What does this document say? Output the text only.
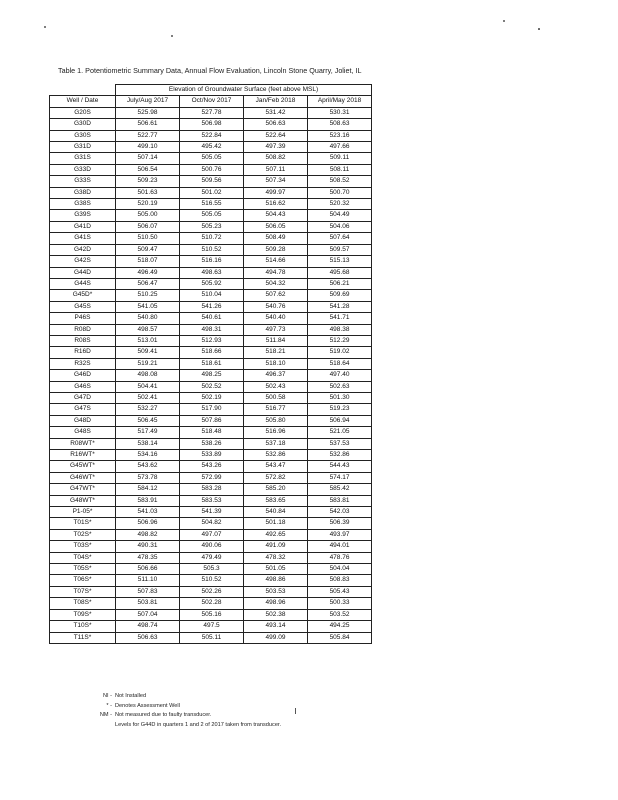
Table 1. Potentiometric Summary Data, Annual Flow Evaluation, Lincoln Stone Quarry, Joliet, IL
	Elevation of Groundwater Surface (feet above MSL)			
Well / Date	July/Aug 2017	Oct/Nov 2017	Jan/Feb 2018	April/May 2018
G20S	525.98	527.78	531.42	530.31
G30D	506.61	506.98	506.63	508.63
G30S	522.77	522.84	522.64	523.16
G31D	499.10	495.42	497.39	497.66
G31S	507.14	505.05	508.82	509.11
G33D	506.54	500.76	507.11	508.11
G33S	509.23	509.56	507.34	508.52
G38D	501.63	501.02	499.97	500.70
G38S	520.19	516.55	516.62	520.32
G39S	505.00	505.05	504.43	504.49
G41D	506.07	505.23	506.05	504.06
G41S	510.50	510.72	508.49	507.64
G42D	509.47	510.52	509.28	509.57
G42S	518.07	516.16	514.66	515.13
G44D	496.49	498.63	494.78	495.68
G44S	506.47	505.92	504.32	506.21
G45D*	510.25	510.04	507.62	509.69
G45S	541.05	541.26	540.76	541.28
P46S	540.80	540.61	540.40	541.71
R08D	498.57	498.31	497.73	498.38
R08S	513.01	512.93	511.84	512.29
R16D	509.41	518.66	518.21	519.02
R32S	519.21	518.61	518.10	518.64
G46D	498.08	498.25	496.37	497.40
G46S	504.41	502.52	502.43	502.63
G47D	502.41	502.19	500.58	501.30
G47S	532.27	517.90	516.77	519.23
G48D	506.45	507.86	505.80	506.94
G48S	517.49	518.48	516.96	521.05
R08WT*	538.14	538.26	537.18	537.53
R16WT*	534.16	533.89	532.86	532.86
G45WT*	543.62	543.26	543.47	544.43
G46WT*	573.78	572.99	572.82	574.17
G47WT*	584.12	583.28	585.20	585.42
G48WT*	583.91	583.53	583.65	583.81
P1-05*	541.03	541.39	540.84	542.03
T01S*	506.96	504.82	501.18	506.39
T02S*	498.82	497.07	492.65	493.97
T03S*	490.31	490.06	491.09	494.01
T04S*	478.35	479.49	478.32	478.76
T05S*	506.66	505.3	501.05	504.04
T06S*	511.10	510.52	498.86	508.83
T07S*	507.83	502.26	503.53	505.43
T08S*	503.81	502.28	498.96	500.33
T09S*	507.04	505.16	502.38	503.52
T10S*	498.74	497.5	493.14	494.25
T11S*	506.63	505.11	499.09	505.84
NI - Not Installed
* - Denotes Assessment Well
NM - Not measured due to faulty transducer.
Levels for G44D in quarters 1 and 2 of 2017 taken from transducer.
